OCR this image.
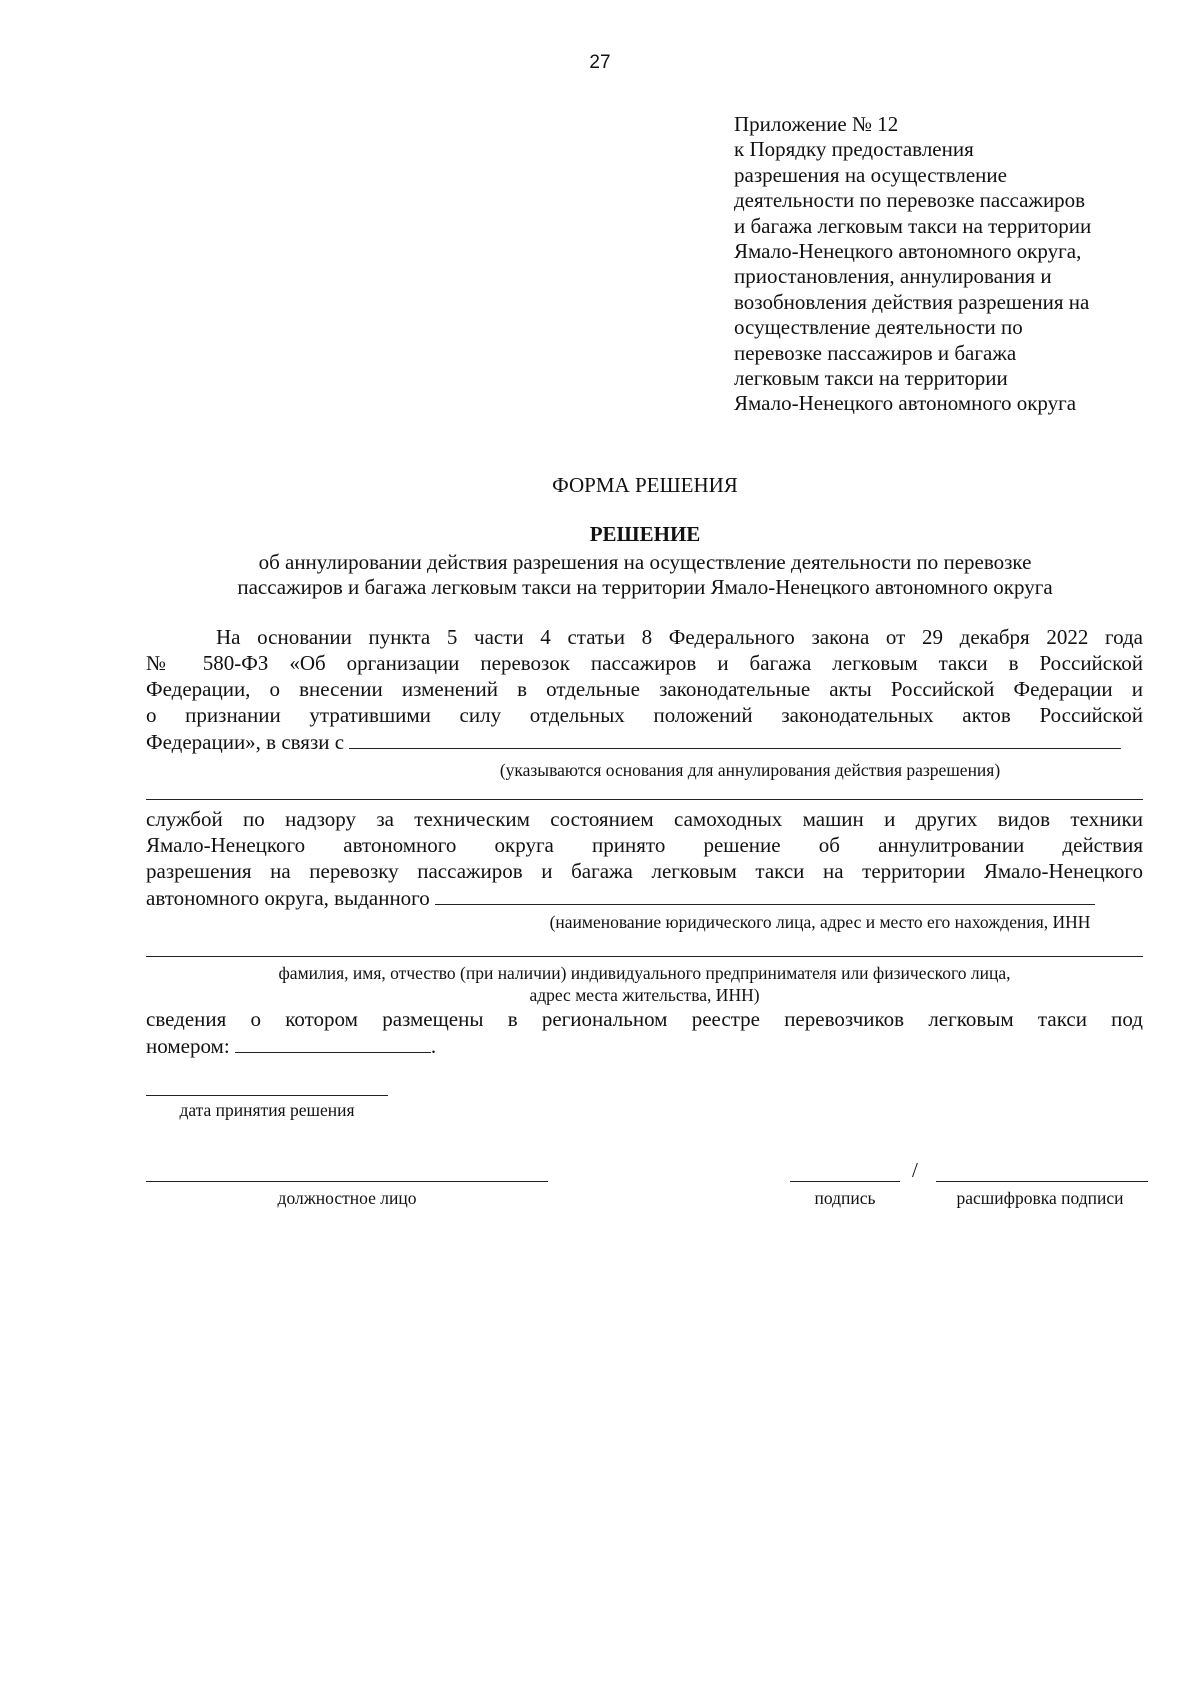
27
Приложение № 12
к Порядку предоставления
разрешения на осуществление
деятельности по перевозке пассажиров
и багажа легковым такси на территории
Ямало-Ненецкого автономного округа,
приостановления, аннулирования и
возобновления действия разрешения на
осуществление деятельности по
перевозке пассажиров и багажа
легковым такси на территории
Ямало-Ненецкого автономного округа
ФОРМА РЕШЕНИЯ
РЕШЕНИЕ
об аннулировании действия разрешения на осуществление деятельности по перевозке
пассажиров и багажа легковым такси на территории Ямало-Ненецкого автономного округа
На основании пункта 5 части 4 статьи 8 Федерального закона от 29 декабря 2022 года
№ 580-ФЗ «Об организации перевозок пассажиров и багажа легковым такси в Российской
Федерации, о внесении изменений в отдельные законодательные акты Российской Федерации и
о признании утратившими силу отдельных положений законодательных актов Российской
Федерации», в связи с
(указываются основания для аннулирования действия разрешения)
службой по надзору за техническим состоянием самоходных машин и других видов техники
Ямало-Ненецкого автономного округа принято решение об аннулитровании действия
разрешения на перевозку пассажиров и багажа легковым такси на территории Ямало-Ненецкого
автономного округа, выданного
(наименование юридического лица, адрес и место его нахождения, ИНН
фамилия, имя, отчество (при наличии) индивидуального предпринимателя или физического лица,
адрес места жительства, ИНН)
сведения о котором размещены в региональном реестре перевозчиков легковым такси под
номером:	.
дата принятия решения
должностное лицо
/
подпись	расшифровка подписи
